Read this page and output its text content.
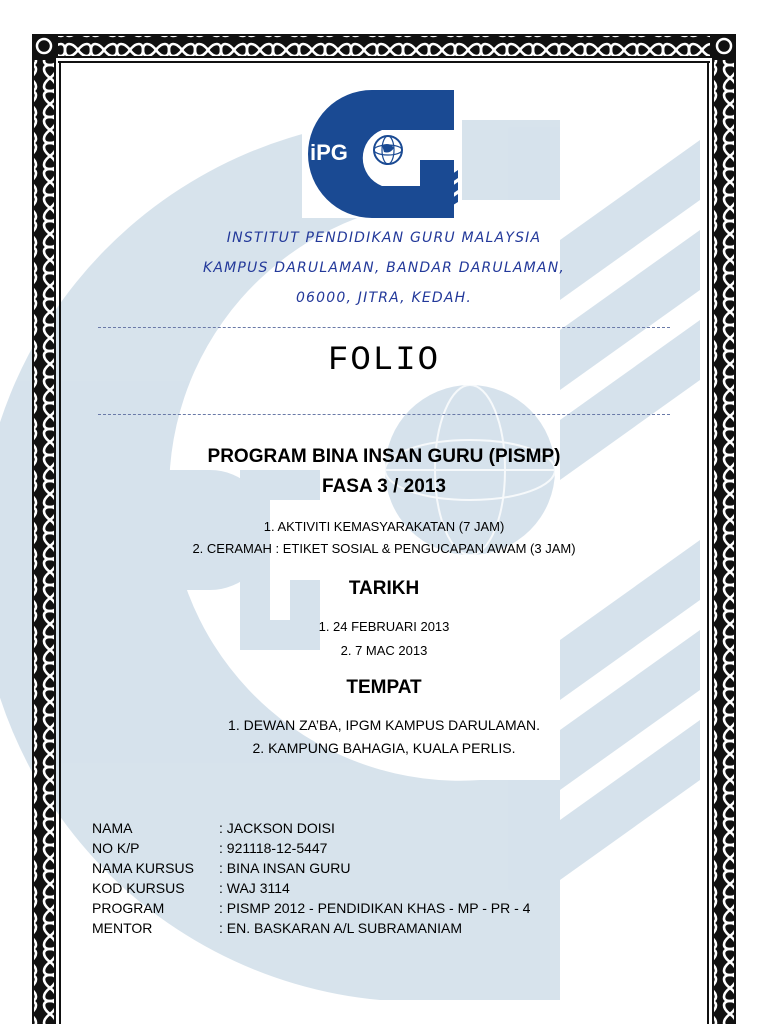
iPG
INSTITUT PENDIDIKAN GURU MALAYSIA
KAMPUS DARULAMAN, BANDAR DARULAMAN,
06000, JITRA, KEDAH.
FOLIO
PROGRAM BINA INSAN GURU (PISMP)
FASA 3 / 2013
1. AKTIVITI KEMASYARAKATAN (7 JAM)
2. CERAMAH : ETIKET SOSIAL & PENGUCAPAN AWAM (3 JAM)
TARIKH
1. 24 FEBRUARI 2013
2. 7 MAC 2013
TEMPAT
1. DEWAN ZA’BA, IPGM KAMPUS DARULAMAN.
2. KAMPUNG BAHAGIA, KUALA PERLIS.
NAMA	: JACKSON DOISI
NO K/P	: 921118-12-5447
NAMA KURSUS : BINA INSAN GURU
KOD KURSUS : WAJ 3114
PROGRAM	: PISMP 2012 - PENDIDIKAN KHAS - MP - PR - 4
MENTOR	: EN. BASKARAN A/L SUBRAMANIAM
